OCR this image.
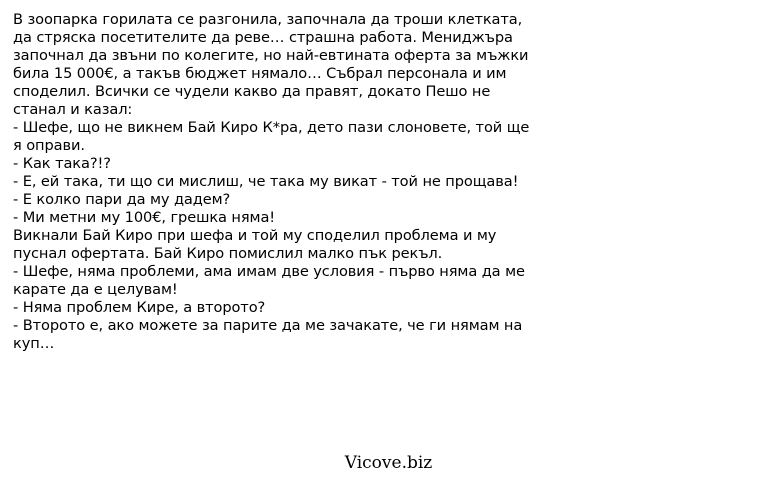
В зоопарка горилата се разгонила, започнала да троши клетката,
да стряска посетителите да реве… страшна работа. Мениджъра
започнал да звъни по колегите, но най-евтината оферта за мъжки
била 15 000€, а такъв бюджет нямало… Събрал персонала и им
споделил. Всички се чудели какво да правят, докато Пешо не
станал и казал:
- Шефе, що не викнем Бай Киро К*ра, дето пази слоновете, той ще
я оправи.
- Как така?!?
- Е, ей така, ти що си мислиш, че така му викат - той не прощава!
- Е колко пари да му дадем?
- Ми метни му 100€, грешка няма!
Викнали Бай Киро при шефа и той му споделил проблема и му
пуснал офертата. Бай Киро помислил малко пък рекъл.
- Шефе, няма проблеми, ама имам две условия - първо няма да ме
карате да е целувам!
- Няма проблем Кире, а второто?
- Второто е, ако можете за парите да ме зачакате, че ги нямам на
куп…
Vicove.biz
